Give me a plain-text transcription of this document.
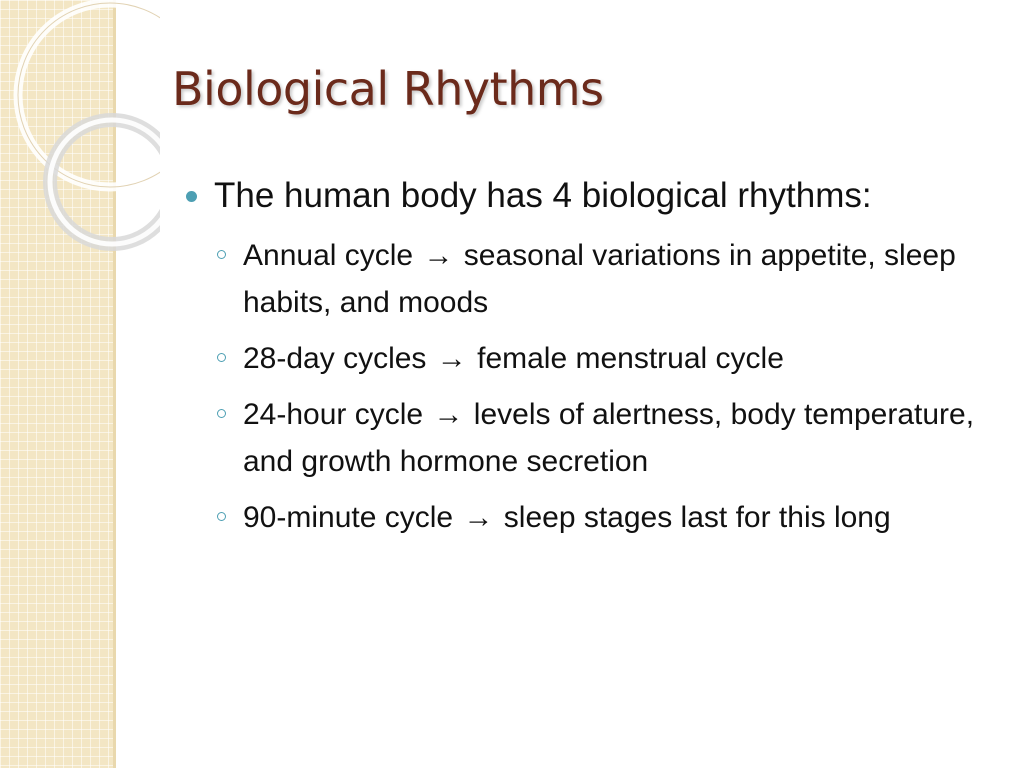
Biological Rhythms
The human body has 4 biological rhythms:
Annual cycle → seasonal variations in appetite, sleep habits, and moods
28-day cycles → female menstrual cycle
24-hour cycle → levels of alertness, body temperature, and growth hormone secretion
90-minute cycle → sleep stages last for this long
